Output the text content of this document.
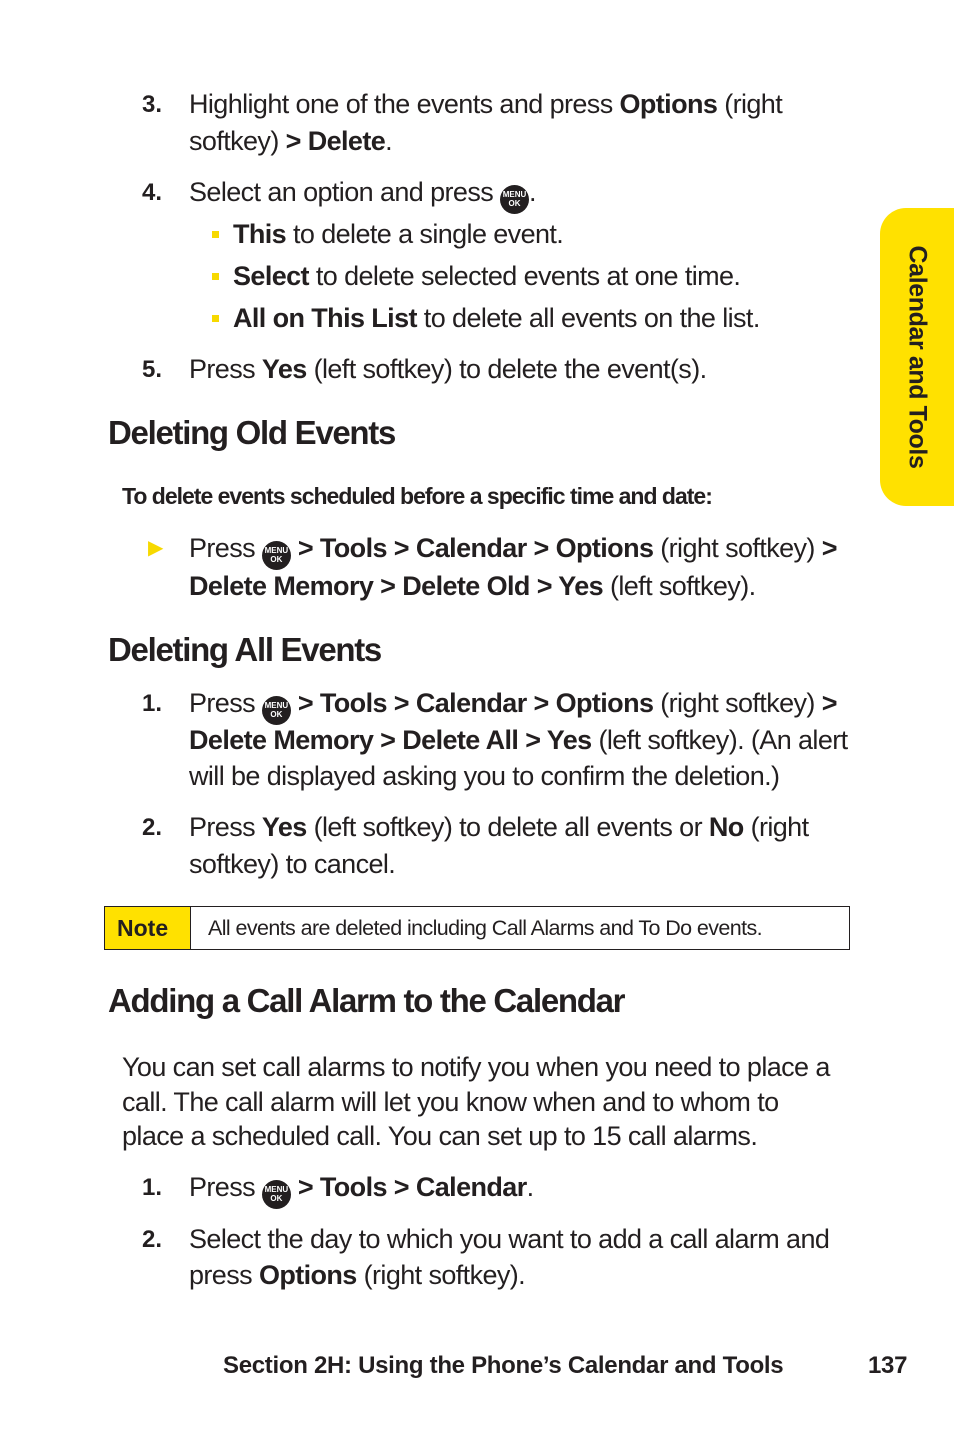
Calendar and Tools
3. Highlight one of the events and press Options (right
softkey) > Delete.
4. Select an option and press MENU
OK .
This to delete a single event.
Select to delete selected events at one time.
All on This List to delete all events on the list.
5. Press Yes (left softkey) to delete the event(s).
Deleting Old Events
To delete events scheduled before a specific time and date:
▶ Press MENU
OK > Tools > Calendar > Options (right softkey) >
Delete Memory > Delete Old > Yes (left softkey).
Deleting All Events
1. Press MENU
OK > Tools > Calendar > Options (right softkey) >
Delete Memory > Delete All > Yes (left softkey). (An alert
will be displayed asking you to confirm the deletion.)
2. Press Yes (left softkey) to delete all events or No (right
softkey) to cancel.
Note	All events are deleted including Call Alarms and To Do events.
Adding a Call Alarm to the Calendar
You can set call alarms to notify you when you need to place a
call. The call alarm will let you know when and to whom to
place a scheduled call. You can set up to 15 call alarms.
1. Press MENU
OK > Tools > Calendar.
2. Select the day to which you want to add a call alarm and
press Options (right softkey).
Section 2H: Using the Phone’s Calendar and Tools	137
